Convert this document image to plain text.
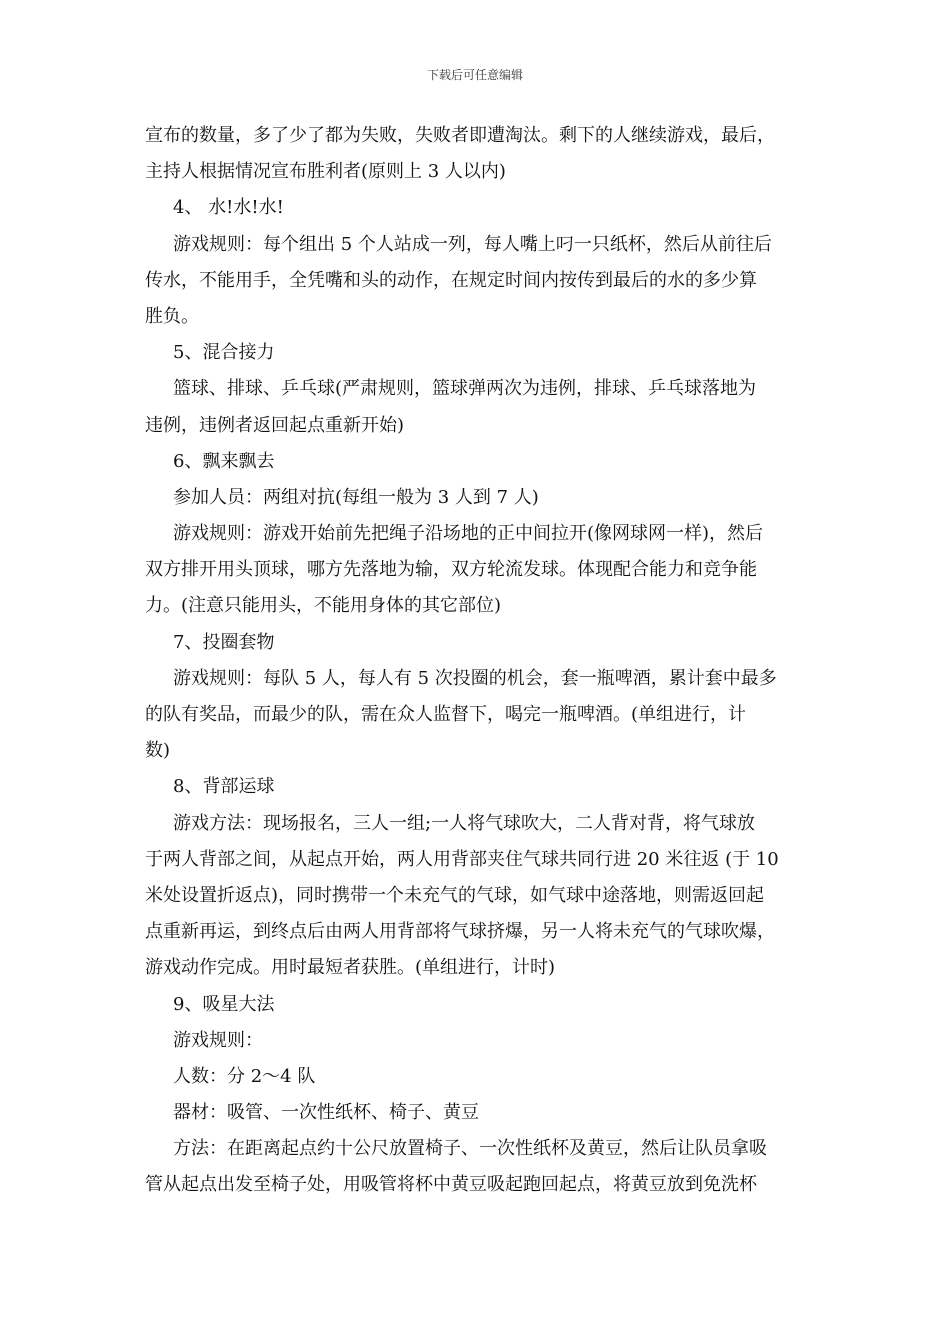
下载后可任意编辑
宣布的数量，多了少了都为失败，失败者即遭淘汰。剩下的人继续游戏，最后，
主持人根据情况宣布胜利者(原则上 3 人以内)
4、 水!水!水!
游戏规则：每个组出 5 个人站成一列，每人嘴上叼一只纸杯，然后从前往后
传水，不能用手，全凭嘴和头的动作，在规定时间内按传到最后的水的多少算
胜负。
5、混合接力
篮球、排球、乒乓球(严肃规则，篮球弹两次为违例，排球、乒乓球落地为
违例，违例者返回起点重新开始)
6、飘来飘去
参加人员：两组对抗(每组一般为 3 人到 7 人)
游戏规则：游戏开始前先把绳子沿场地的正中间拉开(像网球网一样)，然后
双方排开用头顶球，哪方先落地为输，双方轮流发球。体现配合能力和竞争能
力。(注意只能用头，不能用身体的其它部位)
7、投圈套物
游戏规则：每队 5 人，每人有 5 次投圈的机会，套一瓶啤酒，累计套中最多
的队有奖品，而最少的队，需在众人监督下，喝完一瓶啤酒。(单组进行，计
数)
8、背部运球
游戏方法：现场报名，三人一组;一人将气球吹大，二人背对背，将气球放
于两人背部之间，从起点开始，两人用背部夹住气球共同行进 20 米往返 (于 10
米处设置折返点)，同时携带一个未充气的气球，如气球中途落地，则需返回起
点重新再运，到终点后由两人用背部将气球挤爆，另一人将未充气的气球吹爆，
游戏动作完成。用时最短者获胜。(单组进行，计时)
9、吸星大法
游戏规则：
人数：分 2～4 队
器材：吸管、一次性纸杯、椅子、黄豆
方法：在距离起点约十公尺放置椅子、一次性纸杯及黄豆，然后让队员拿吸
管从起点出发至椅子处，用吸管将杯中黄豆吸起跑回起点，将黄豆放到免洗杯
